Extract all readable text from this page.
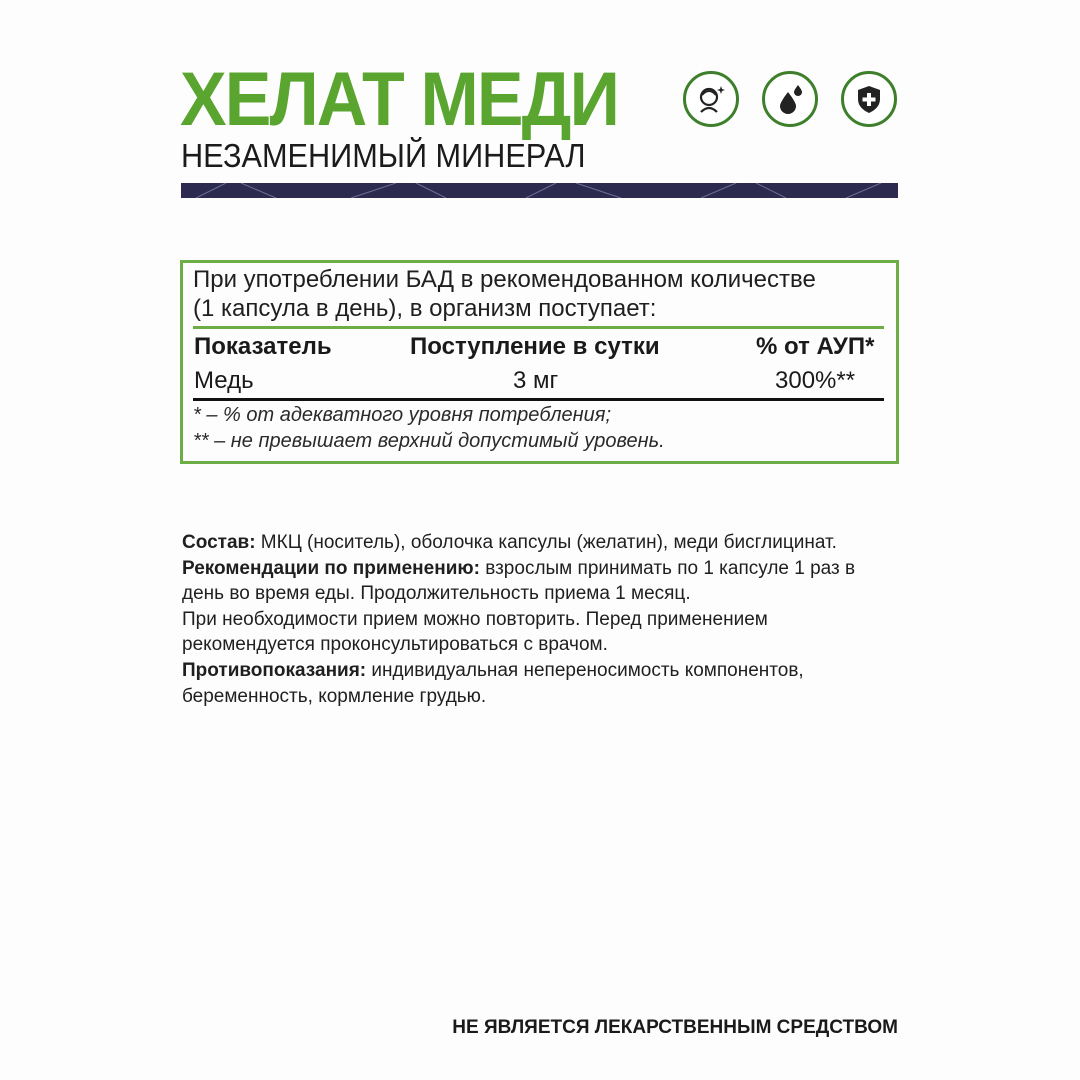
ХЕЛАТ МЕДИ
НЕЗАМЕНИМЫЙ МИНЕРАЛ
При употреблении БАД в рекомендованном количестве
(1 капсула в день), в организм поступает:
Показатель	Поступление в сутки	% от АУП*
Медь	3 мг	300%**
* – % от адекватного уровня потребления;
** – не превышает верхний допустимый уровень.

Состав: МКЦ (носитель), оболочка капсулы (желатин), меди бисглицинат.

Рекомендации по применению: взрослым принимать по 1 капсуле 1 раз в день во время еды. Продолжительность приема 1 месяц.

При необходимости прием можно повторить. Перед применением рекомендуется проконсультироваться с врачом.

Противопоказания: индивидуальная непереносимость компонентов, беременность, кормление грудью.

НЕ ЯВЛЯЕТСЯ ЛЕКАРСТВЕННЫМ СРЕДСТВОМ
